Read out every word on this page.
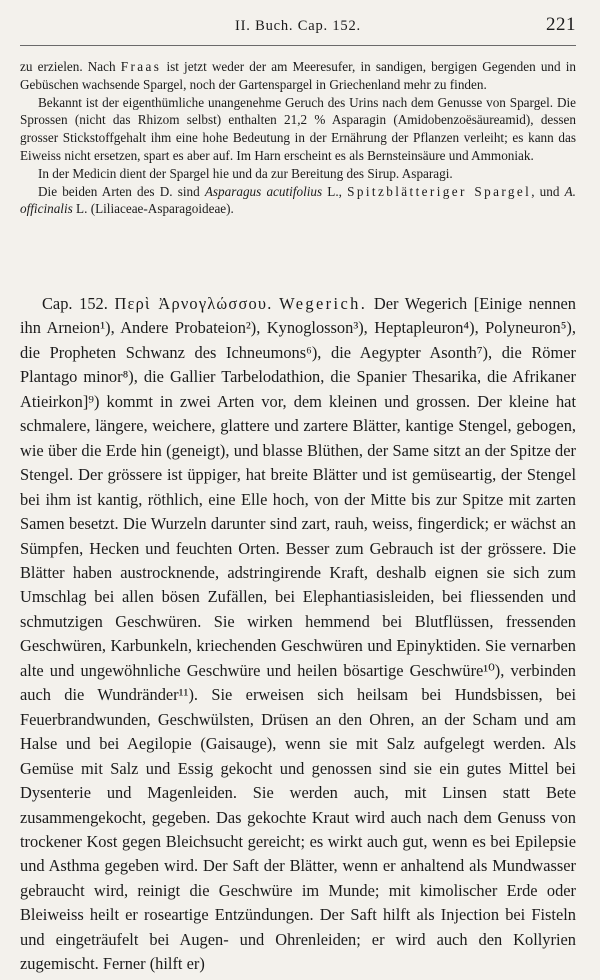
II. Buch. Cap. 152.	221

zu erzielen. Nach Fraas ist jetzt weder der am Meeresufer, in sandigen, bergigen Gegenden und in Gebüschen wachsende Spargel, noch der Gartenspargel in Griechenland mehr zu finden.

Bekannt ist der eigenthümliche unangenehme Geruch des Urins nach dem Genusse von Spargel. Die Sprossen (nicht das Rhizom selbst) enthalten 21,2 % Asparagin (Amidobenzoësäureamid), dessen grosser Stickstoffgehalt ihm eine hohe Bedeutung in der Ernährung der Pflanzen verleiht; es kann das Eiweiss nicht ersetzen, spart es aber auf. Im Harn erscheint es als Bernsteinsäure und Ammoniak.

In der Medicin dient der Spargel hie und da zur Bereitung des Sirup. Asparagi.

Die beiden Arten des D. sind Asparagus acutifolius L., Spitzblätteriger Spargel, und A. officinalis L. (Liliaceae-Asparagoideae).

Cap. 152. Περὶ Ἀρνογλώσσου. Wegerich. Der Wegerich [Einige nennen ihn Arneion¹), Andere Probateion²), Kynoglosson³), Heptapleuron⁴), Polyneuron⁵), die Propheten Schwanz des Ichneumons⁶), die Aegypter Asonth⁷), die Römer Plantago minor⁸), die Gallier Tarbelodathion, die Spanier Thesarika, die Afrikaner Atieirkon]⁹) kommt in zwei Arten vor, dem kleinen und grossen. Der kleine hat schmalere, längere, weichere, glattere und zartere Blätter, kantige Stengel, gebogen, wie über die Erde hin (geneigt), und blasse Blüthen, der Same sitzt an der Spitze der Stengel. Der grössere ist üppiger, hat breite Blätter und ist gemüseartig, der Stengel bei ihm ist kantig, röthlich, eine Elle hoch, von der Mitte bis zur Spitze mit zarten Samen besetzt. Die Wurzeln darunter sind zart, rauh, weiss, fingerdick; er wächst an Sümpfen, Hecken und feuchten Orten. Besser zum Gebrauch ist der grössere. Die Blätter haben austrocknende, adstringirende Kraft, deshalb eignen sie sich zum Umschlag bei allen bösen Zufällen, bei Elephantiasisleiden, bei fliessenden und schmutzigen Geschwüren. Sie wirken hemmend bei Blutflüssen, fressenden Geschwüren, Karbunkeln, kriechenden Geschwüren und Epinyktiden. Sie vernarben alte und ungewöhnliche Geschwüre und heilen bösartige Geschwüre¹⁰), verbinden auch die Wundränder¹¹). Sie erweisen sich heilsam bei Hundsbissen, bei Feuerbrandwunden, Geschwülsten, Drüsen an den Ohren, an der Scham und am Halse und bei Aegilopie (Gaisauge), wenn sie mit Salz aufgelegt werden. Als Gemüse mit Salz und Essig gekocht und genossen sind sie ein gutes Mittel bei Dysenterie und Magenleiden. Sie werden auch, mit Linsen statt Bete zusammengekocht, gegeben. Das gekochte Kraut wird auch nach dem Genuss von trockener Kost gegen Bleichsucht gereicht; es wirkt auch gut, wenn es bei Epilepsie und Asthma gegeben wird. Der Saft der Blätter, wenn er anhaltend als Mundwasser gebraucht wird, reinigt die Geschwüre im Munde; mit kimolischer Erde oder Bleiweiss heilt er roseartige Entzündungen. Der Saft hilft als Injection bei Fisteln und eingeträufelt bei Augen- und Ohrenleiden; er wird auch den Kollyrien zugemischt. Ferner (hilft er)
